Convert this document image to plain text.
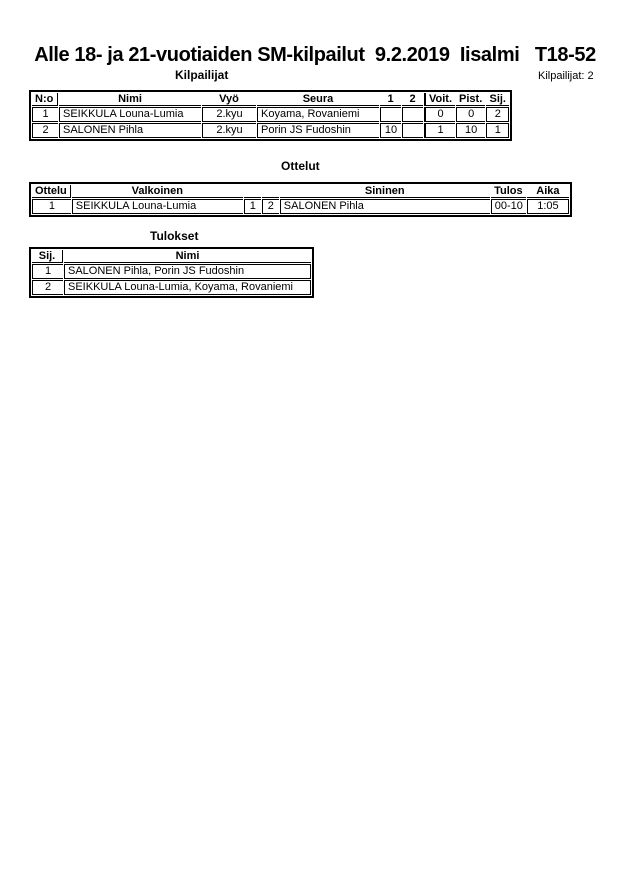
Alle 18- ja 21-vuotiaiden SM-kilpailut  9.2.2019  Iisalmi   T18-52
Kilpailijat	Kilpailijat: 2
N:o	Nimi	Vyö	Seura	1	2	Voit.	Pist.	Sij.
1	SEIKKULA Louna-Lumia	2.kyu	Koyama, Rovaniemi			0	0	2
2	SALONEN Pihla	2.kyu	Porin JS Fudoshin	10		1	10	1
Ottelut
Ottelu	Valkoinen			Sininen	Tulos	Aika
1	SEIKKULA Louna-Lumia	1	2	SALONEN Pihla	00-10	1:05
Tulokset
Sij.	Nimi
1	SALONEN Pihla, Porin JS Fudoshin
2	SEIKKULA Louna-Lumia, Koyama, Rovaniemi
